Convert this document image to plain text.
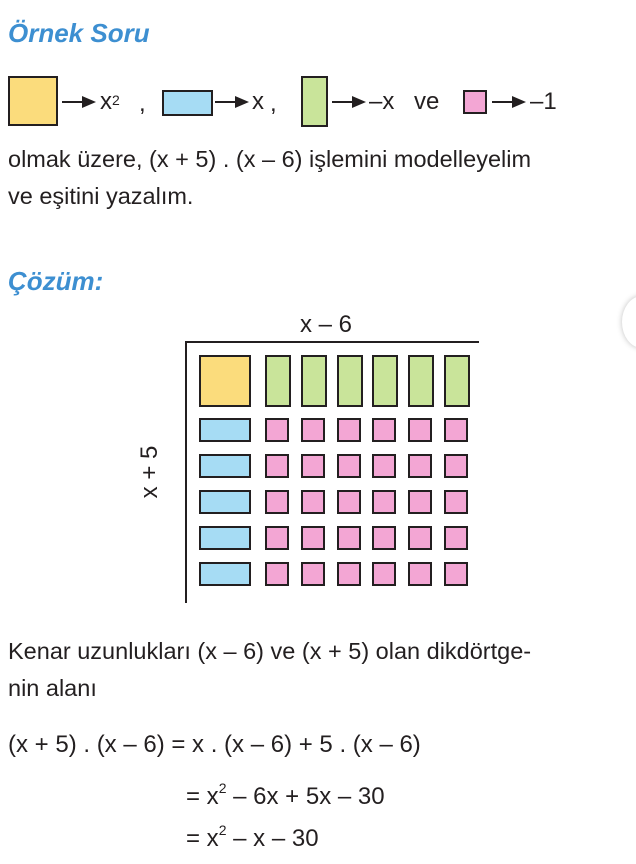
Örnek Soru
$x^2$ ,	x ,	–x ve	–1

olmak üzere, (x + 5) . (x – 6) işlemini modelleyelim

ve eşitini yazalım.

Çözüm:
x – 6
x + 5

Kenar uzunlukları (x – 6) ve (x + 5) olan dikdörtge-

nin alanı

(x + 5) . (x – 6) = x . (x – 6) + 5 . (x – 6)
= $x^2 - 6x + 5x - 30$
= $x^2$ – x – 30
